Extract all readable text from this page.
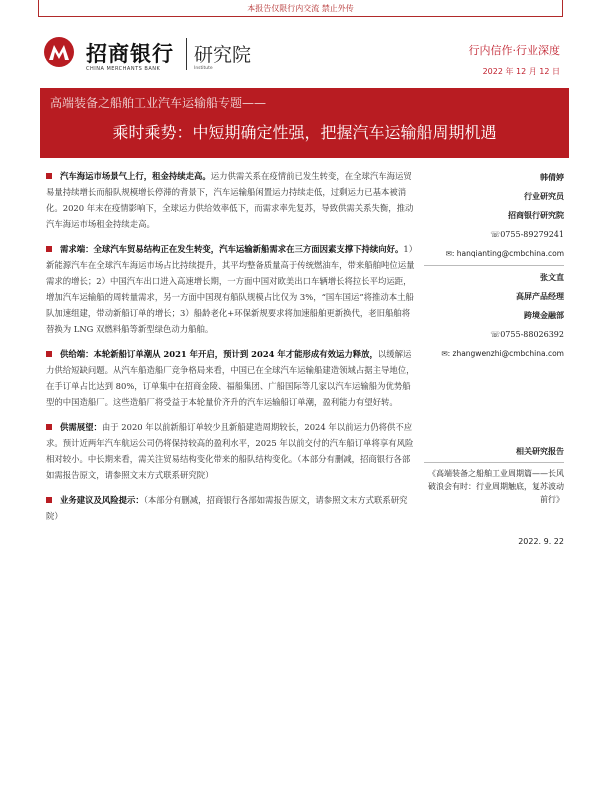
本报告仅限行内交流 禁止外传
招商银行
CHINA MERCHANTS BANK
研究院
Institute
行内信作·行业深度
2022 年 12 月 12 日
高端装备之船舶工业汽车运输船专题——
乘时乘势：中短期确定性强，把握汽车运输船周期机遇

汽车海运市场景气上行，租金持续走高。运力供需关系在疫情前已发生转变，在全球汽车海运贸易量持续增长而船队规模增长停滞的背景下，汽车运输船闲置运力持续走低，过剩运力已基本被消化。2020 年末在疫情影响下，全球运力供给效率低下，而需求率先复苏，导致供需关系失衡，推动汽车海运市场租金持续走高。

需求端：全球汽车贸易结构正在发生转变，汽车运输新船需求在三方面因素支撑下持续向好。1）新能源汽车在全球汽车海运市场占比持续提升，其平均整备质量高于传统燃油车，带来船舶吨位运量需求的增长；2）中国汽车出口进入高速增长期，一方面中国对欧美出口车辆增长将拉长平均运距，增加汽车运输船的周转量需求，另一方面中国现有船队规模占比仅为 3%，“国车国运”将推动本土船队加速组建，带动新船订单的增长；3）船龄老化+环保新规要求将加速船舶更新换代，老旧船舶将替换为 LNG 双燃料船等新型绿色动力船舶。

供给端：本轮新船订单潮从 2021 年开启，预计到 2024 年才能形成有效运力释放，以缓解运力供给短缺问题。从汽车船造船厂竞争格局来看，中国已在全球汽车运输船建造领域占据主导地位，在手订单占比达到 80%，订单集中在招商金陵、福船集团、广船国际等几家以汽车运输船为优势船型的中国造船厂。这些造船厂将受益于本轮量价齐升的汽车运输船订单潮，盈利能力有望好转。

供需展望：由于 2020 年以前新船订单较少且新船建造周期较长，2024 年以前运力仍将供不应求。预计近两年汽车航运公司仍将保持较高的盈利水平，2025 年以前交付的汽车船订单将享有风险相对较小。中长期来看，需关注贸易结构变化带来的船队结构变化。（本部分有删减，招商银行各部如需报告原文，请参照文末方式联系研究院）

业务建议及风险提示：（本部分有删减，招商银行各部如需报告原文，请参照文末方式联系研究院）

韩倩婷
行业研究员
招商银行研究院
☏0755-89279241
✉: hanqianting@cmbchina.com
张文直
高屏产品经理
跨境金融部
☏0755-88026392
✉: zhangwenzhi@cmbchina.com
相关研究报告
《高端装备之船舶工业周期篇——长风破浪会有时：行业周期触底，复苏波动前行》
2022. 9. 22
